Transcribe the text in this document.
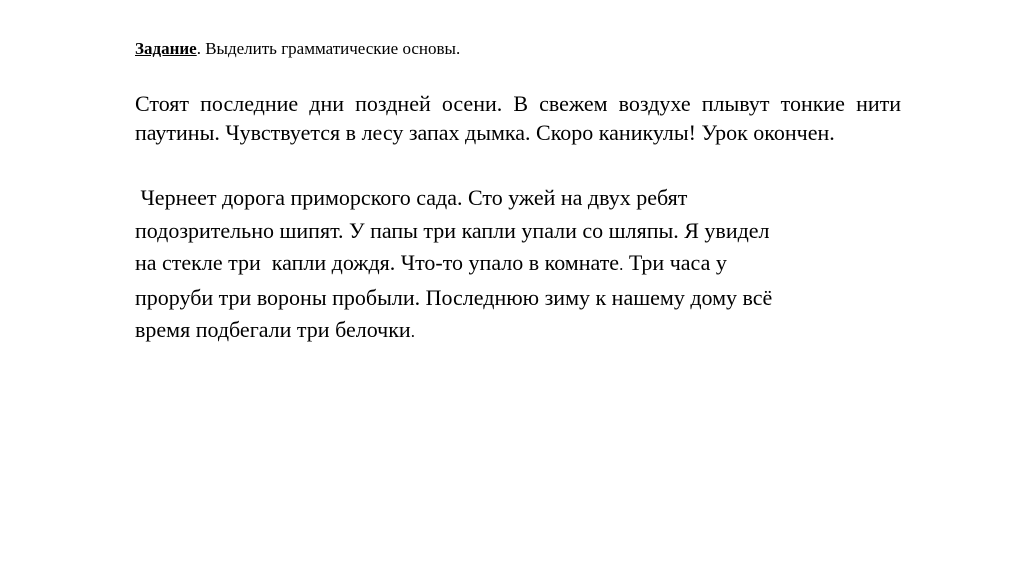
Задание. Выделить грамматические основы.
Стоят последние дни поздней осени. В свежем воздухе плывут тонкие нити паутины. Чувствуется в лесу запах дымка. Скоро каникулы! Урок окончен.
Чернеет дорога приморского сада. Сто ужей на двух ребят
подозрительно шипят. У папы три капли упали со шляпы. Я увидел
на стекле три  капли дождя. Что-то упало в комнате. Три часа у
проруби три вороны пробыли. Последнюю зиму к нашему дому всё
время подбегали три белочки.
